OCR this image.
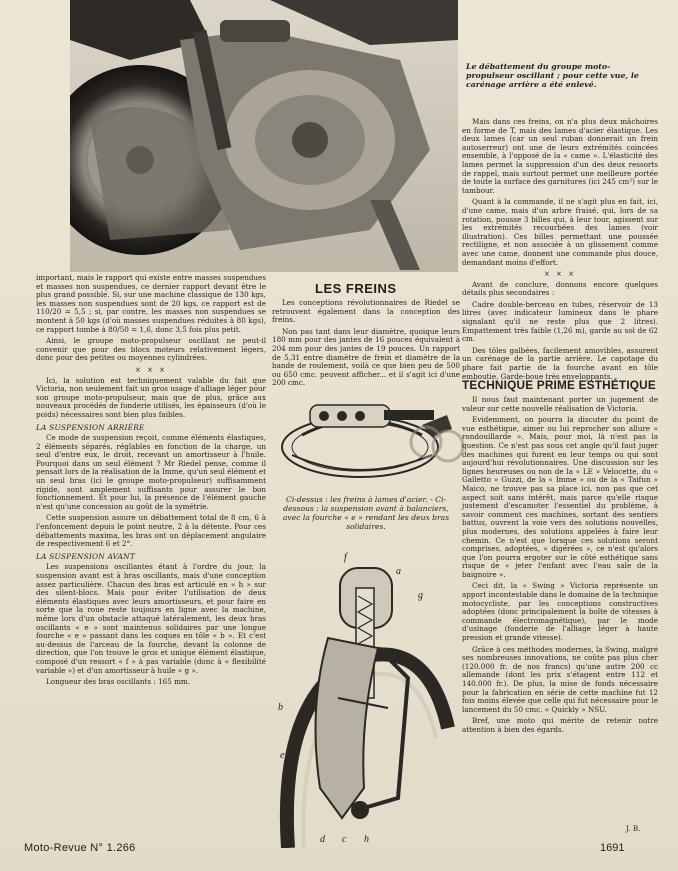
Le débattement du groupe moto-propulseur oscillant ; pour cette vue, le carénage arrière a été enlevé.

important, mais le rapport qui existe entre masses suspendues et masses non suspendues, ce dernier rapport devant être le plus grand possible. Si, sur une machine classique de 130 kgs, les masses non suspendues sont de 20 kgs, ce rapport est de 110/20 = 5,5 ; si, par contre, les masses non suspendues se montent à 50 kgs (d'où masses suspendues réduites à 80 kgs), ce rapport tombe à 80/50 = 1,6, donc 3,5 fois plus petit.

Ainsi, le groupe moto-propulseur oscillant ne peut-il convenir que pour des blocs moteurs relativement légers, donc pour des petites ou moyennes cylindrées.

× × ×

Ici, la solution est techniquement valable du fait que Victoria, non seulement fait un gros usage d'alliage léger pour son groupe moto-propulseur, mais que de plus, grâce aux nouveaux procédés de fonderie utilisés, les épaisseurs (d'où le poids) nécessaires sont bien plus faibles.

LA SUSPENSION ARRIÈRE

Ce mode de suspension reçoit, comme éléments élastiques, 2 éléments séparés, réglables en fonction de la charge, un seul d'entre eux, le droit, recevant un amortisseur à l'huile. Pourquoi dans un seul élément ? Mr Riedel pense, comme il pensait lors de la réalisation de la Imme, qu'un seul élément et un seul bras (ici le groupe moto-propulseur) suffisamment rigide, sont amplement suffisants pour assurer le bon fonctionnement. Et pour lui, la présence de l'élément gauche n'est qu'une concession au goût de la symétrie.

Cette suspension assure un débattement total de 8 cm, 6 à l'enfoncement depuis le point neutre, 2 à la détente. Pour ces débattements maxima, les bras ont un déplacement angulaire de respectivement 6 et 2°.

LA SUSPENSION AVANT

Les suspensions oscillantes étant à l'ordre du jour, la suspension avant est à bras oscillants, mais d'une conception assez particulière. Chacun des bras est articulé en « h » sur des silent-blocs. Mais pour éviter l'utilisation de deux éléments élastiques avec leurs amortisseurs, et pour faire en sorte que la roue reste toujours en ligne avec la machine, même lors d'un obstacle attaqué latéralement, les deux bras oscillants « e » sont maintenus solidaires par une longue fourche « e » passant dans les coques en tôle « b ». Et c'est au-dessus de l'arceau de la fourche, devant la colonne de direction, que l'on trouve le gros et unique élément élastique, composé d'un ressort « f » à pas variable (donc à « flexibilité variable ») et d'un amortisseur à huile « g ».

Longueur des bras oscillants : 165 mm.

LES FREINS

Les conceptions révolutionnaires de Riedel se retrouvent également dans la conception des freins.

Non pas tant dans leur diamètre, quoique leurs 180 mm pour des jantes de 16 pouces équivalent à 204 mm pour des jantes de 19 pouces. Un rapport de 5,31 entre diamètre de frein et diamètre de la bande de roulement, voilà ce que bien peu de 500 ou 650 cmc. peuvent afficher... et il s'agit ici d'une 200 cmc.

Ci-dessus : les freins à lames d'acier. - Ci-dessous : la suspension avant à balanciers, avec la fourche « e » rendant les deux bras solidaires.
f
a
g
b
e
d c h

Mais dans ces freins, on n'a plus deux mâchoires en forme de T, mais des lames d'acier élastique. Les deux lames (car un seul ruban donnerait un frein autoserreur) ont une de leurs extrémités coincées ensemble, à l'opposé de la « came ». L'élasticité des lames permet la suppression d'un des deux ressorts de rappel, mais surtout permet une meilleure portée de toute la surface des garnitures (ici 245 cm²) sur le tambour.

Quant à la commande, il ne s'agit plus en fait, ici, d'une came, mais d'un arbre fraisé, qui, lors de sa rotation, pousse 3 billes qui, à leur tour, agissent sur les extrémités recourbées des lames (voir illustration). Ces billes permettant une poussée rectiligne, et non associée à un glissement comme avec une came, donnent une commande plus douce, demandant moins d'effort.

× × ×

Avant de conclure, donnons encore quelques détails plus secondaires :

Cadre double-berceau en tubes, réservoir de 13 litres (avec indicateur lumineux dans le phare signalant qu'il ne reste plus que 2 litres). Empattement très faible (1,26 m), garde au sol de 62 cm.

Des tôles galbées, facilement amovibles, assurent un carénage de la partie arrière. Le capotage du phare fait partie de la fourche avant en tôle emboutie. Garde-boue très enveloppants.

TECHNIQUE PRIME ESTHÉTIQUE

Il nous faut maintenant porter un jugement de valeur sur cette nouvelle réalisation de Victoria.

Evidemment, on pourra la discuter du point de vue esthétique, aimer ou lui reprocher son allure « rondouillarde ». Mais, pour moi, là n'est pas la question. Ce n'est pas sous cet angle qu'il faut juger des machines qui furent en leur temps ou qui sont aujourd'hui révolutionnaires. Une discussion sur les lignes heureuses ou non de la « LE » Velocette, du « Galletto » Guzzi, de la « Imme » ou de la « Taifun » Maico, ne trouve pas sa place ici, non pas que cet aspect soit sans intérêt, mais parce qu'elle risque justement d'escamoter l'essentiel du problème, à savoir comment ces machines, sortant des sentiers battus, ouvrent la voie vers des solutions nouvelles, plus modernes, des solutions appelées à faire leur chemin. Ce n'est que lorsque ces solutions seront comprises, adoptées, « digérées », ce n'est qu'alors que l'on pourra ergoter sur le côté esthétique sans risque de « jeter l'enfant avec l'eau sale de la baignoire ».

Ceci dit, la « Swing » Victoria représente un apport incontestable dans le domaine de la technique motocycliste, par les conceptions constructives adoptées (donc principalement la boîte de vitesses à commande électromagnétique), par le mode d'usinage (fonderie de l'alliage léger à haute pression et grande vitesse).

Grâce à ces méthodes modernes, la Swing, malgré ses nombreuses innovations, ne coûte pas plus cher (120.000 fr. de nos francs) qu'une autre 200 cc allemande (dont les prix s'étagent entre 112 et 140.000 fr.). De plus, la mise de fonds nécessaire pour la fabrication en série de cette machine fut 12 fois moins élevée que celle qui fut nécessaire pour le lancement du 50 cmc. « Quickly » NSU.

Bref, une moto qui mérite de retenir notre attention à bien des égards.

J. B.
Moto-Revue N° 1.266	1691
